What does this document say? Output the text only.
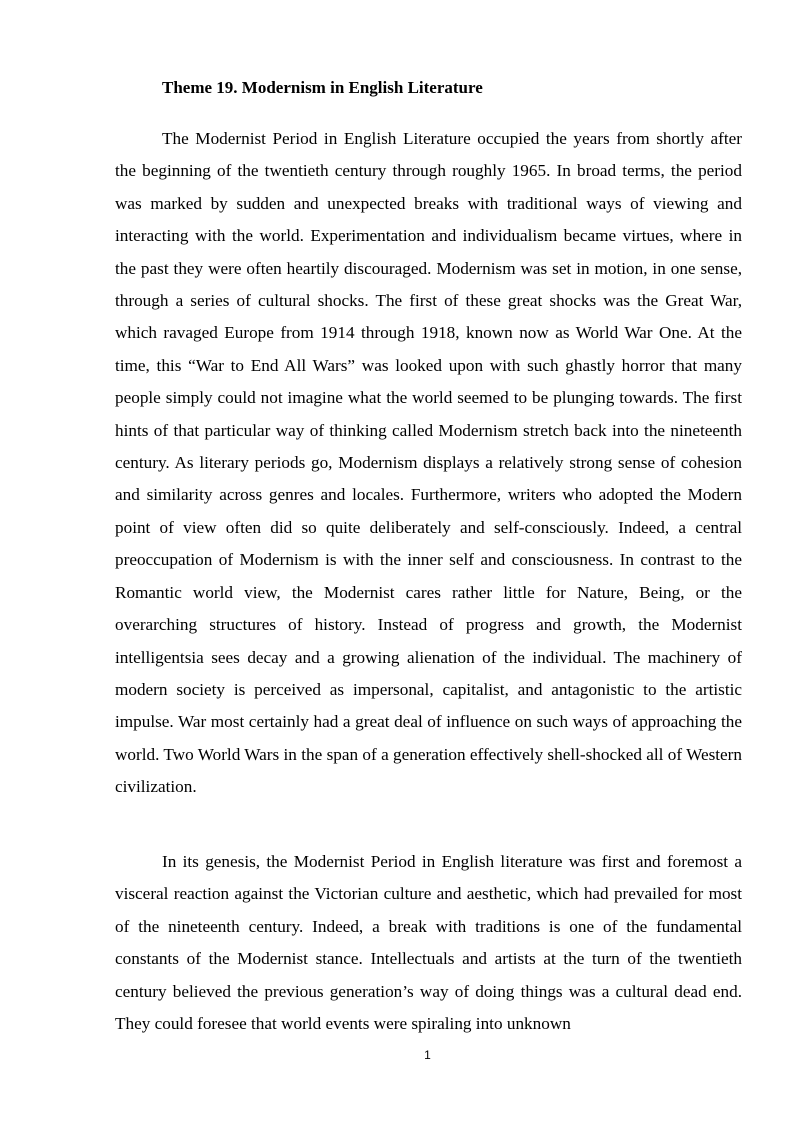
Theme 19. Modernism in English Literature

The Modernist Period in English Literature occupied the years from shortly after the beginning of the twentieth century through roughly 1965. In broad terms, the period was marked by sudden and unexpected breaks with traditional ways of viewing and interacting with the world. Experimentation and individualism became virtues, where in the past they were often heartily discouraged. Modernism was set in motion, in one sense, through a series of cultural shocks. The first of these great shocks was the Great War, which ravaged Europe from 1914 through 1918, known now as World War One. At the time, this “War to End All Wars” was looked upon with such ghastly horror that many people simply could not imagine what the world seemed to be plunging towards. The first hints of that particular way of thinking called Modernism stretch back into the nineteenth century. As literary periods go, Modernism displays a relatively strong sense of cohesion and similarity across genres and locales. Furthermore, writers who adopted the Modern point of view often did so quite deliberately and self-consciously. Indeed, a central preoccupation of Modernism is with the inner self and consciousness. In contrast to the Romantic world view, the Modernist cares rather little for Nature, Being, or the overarching structures of history. Instead of progress and growth, the Modernist intelligentsia sees decay and a growing alienation of the individual. The machinery of modern society is perceived as impersonal, capitalist, and antagonistic to the artistic impulse. War most certainly had a great deal of influence on such ways of approaching the world. Two World Wars in the span of a generation effectively shell-shocked all of Western civilization.

In its genesis, the Modernist Period in English literature was first and foremost a visceral reaction against the Victorian culture and aesthetic, which had prevailed for most of the nineteenth century. Indeed, a break with traditions is one of the fundamental constants of the Modernist stance. Intellectuals and artists at the turn of the twentieth century believed the previous generation’s way of doing things was a cultural dead end. They could foresee that world events were spiraling into unknown

1
